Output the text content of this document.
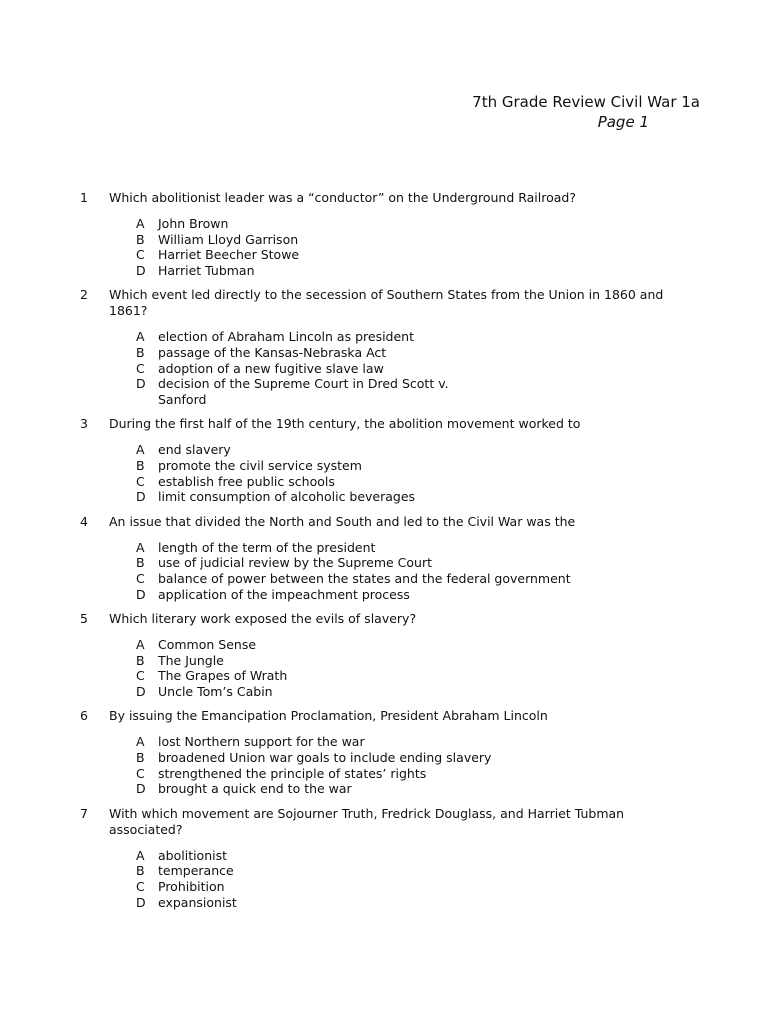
7th Grade Review Civil War 1a
Page 1
1	Which abolitionist leader was a “conductor” on the Underground Railroad?
A	John Brown
B	William Lloyd Garrison
C	Harriet Beecher Stowe
D Harriet Tubman
2	Which event led directly to the secession of Southern States from the Union in 1860 and 1861?
A	election of Abraham Lincoln as president
B	passage of the Kansas-Nebraska Act
C	adoption of a new fugitive slave law
D decision of the Supreme Court in Dred Scott v. Sanford
3	During the first half of the 19th century, the abolition movement worked to
A	end slavery
B	promote the civil service system
C	establish free public schools
D limit consumption of alcoholic beverages
4	An issue that divided the North and South and led to the Civil War was the
A	length of the term of the president
B	use of judicial review by the Supreme Court
C	balance of power between the states and the federal government
D application of the impeachment process
5	Which literary work exposed the evils of slavery?
A	Common Sense
B	The Jungle
C	The Grapes of Wrath
D Uncle Tom’s Cabin
6	By issuing the Emancipation Proclamation, President Abraham Lincoln
A	lost Northern support for the war
B	broadened Union war goals to include ending slavery
C	strengthened the principle of states’ rights
D brought a quick end to the war
7	With which movement are Sojourner Truth, Fredrick Douglass, and Harriet Tubman associated?
A	abolitionist
B	temperance
C	Prohibition
D expansionist
